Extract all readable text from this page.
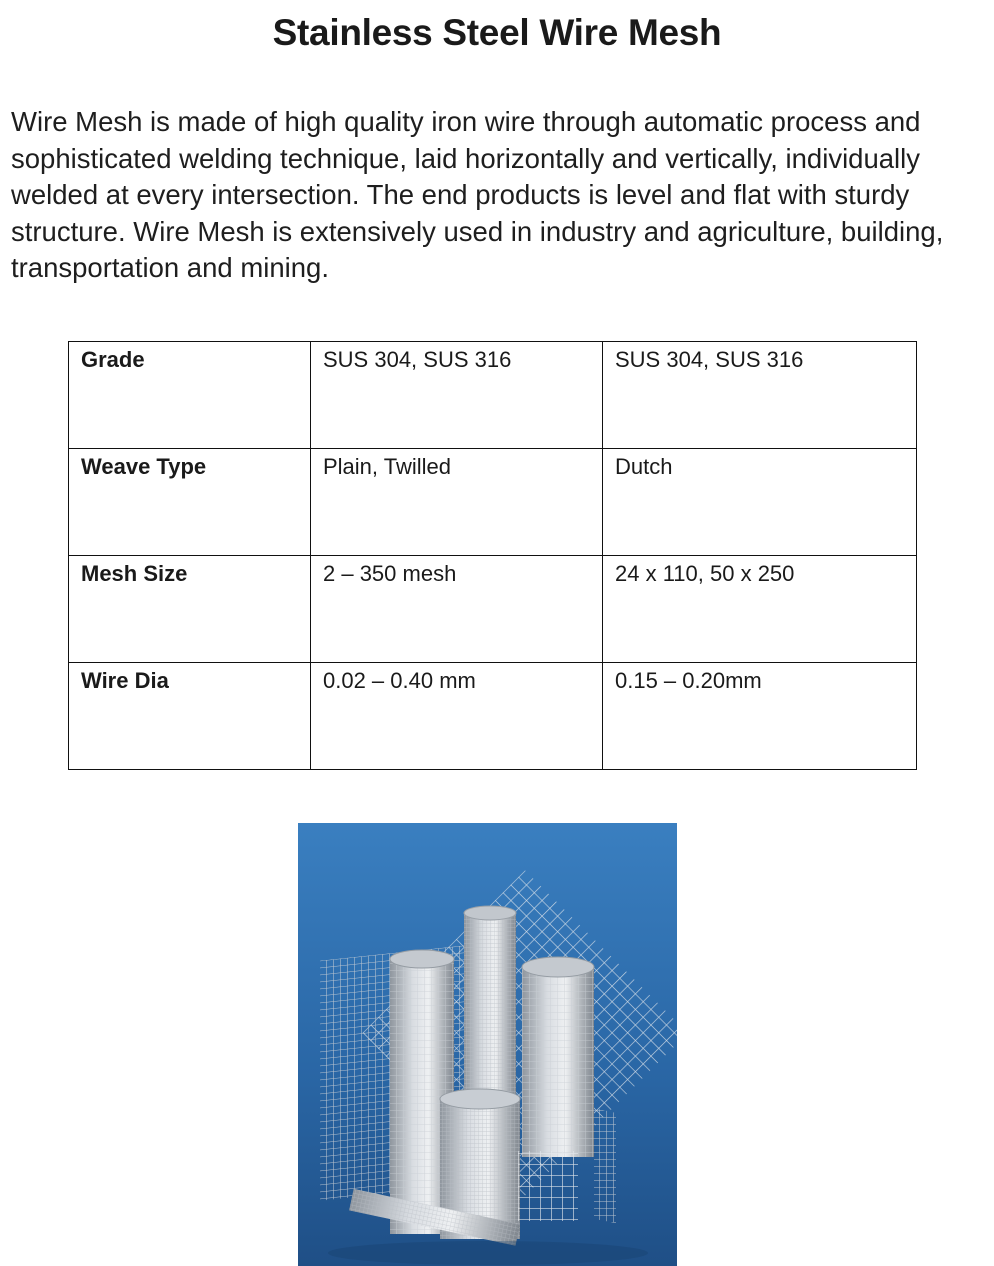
Stainless Steel Wire Mesh

Wire Mesh is made of high quality iron wire through automatic process and sophisticated welding technique, laid horizontally and vertically, individually welded at every intersection. The end products is level and flat with sturdy structure. Wire Mesh is extensively used in industry and agriculture, building, transportation and mining.

Grade	SUS 304, SUS 316	SUS 304, SUS 316
Weave Type	Plain, Twilled	Dutch
Mesh Size	2 – 350 mesh	24 x 110, 50 x 250
Wire Dia	0.02 – 0.40 mm	0.15 – 0.20mm
